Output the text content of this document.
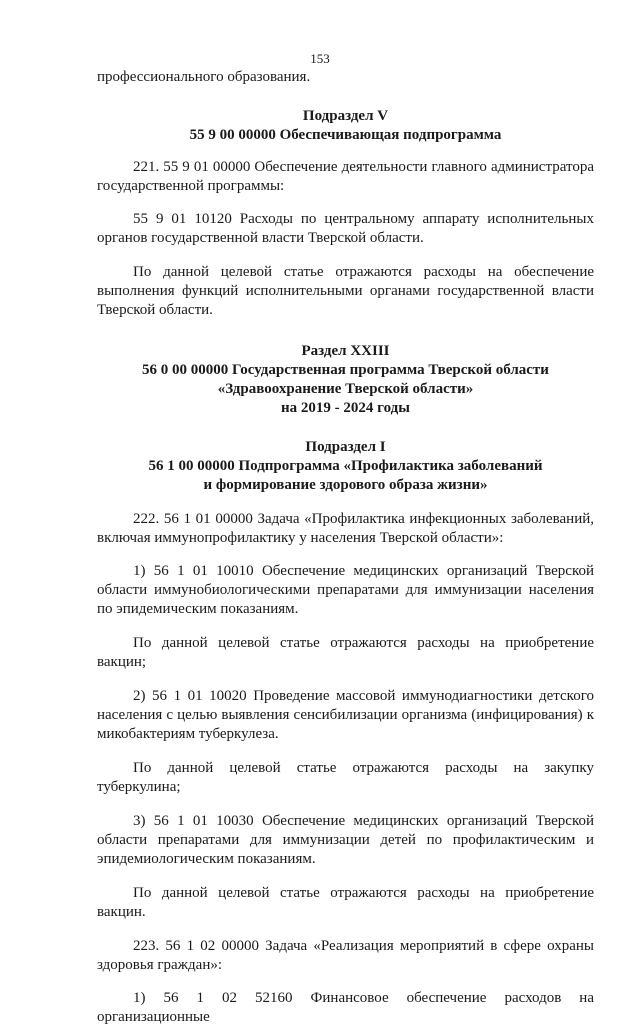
153

профессионального образования.

Подраздел V

55 9 00 00000 Обеспечивающая подпрограмма

221. 55 9 01 00000 Обеспечение деятельности главного администратора государственной программы:

55 9 01 10120 Расходы по центральному аппарату исполнительных органов государственной власти Тверской области.

По данной целевой статье отражаются расходы на обеспечение выполнения функций исполнительными органами государственной власти Тверской области.

Раздел XXIII

56 0 00 00000 Государственная программа Тверской области

«Здравоохранение Тверской области»

на 2019 - 2024 годы

Подраздел I

56 1 00 00000 Подпрограмма «Профилактика заболеваний

и формирование здорового образа жизни»

222. 56 1 01 00000 Задача «Профилактика инфекционных заболеваний, включая иммунопрофилактику у населения Тверской области»:

1) 56 1 01 10010 Обеспечение медицинских организаций Тверской области иммунобиологическими препаратами для иммунизации населения по эпидемическим показаниям.

По данной целевой статье отражаются расходы на приобретение вакцин;

2) 56 1 01 10020 Проведение массовой иммунодиагностики детского населения с целью выявления сенсибилизации организма (инфицирования) к микобактериям туберкулеза.

По данной целевой статье отражаются расходы на закупку туберкулина;

3) 56 1 01 10030 Обеспечение медицинских организаций Тверской области препаратами для иммунизации детей по профилактическим и эпидемиологическим показаниям.

По данной целевой статье отражаются расходы на приобретение вакцин.

223. 56 1 02 00000 Задача «Реализация мероприятий в сфере охраны здоровья граждан»:

1) 56 1 02 52160 Финансовое обеспечение расходов на организационные
